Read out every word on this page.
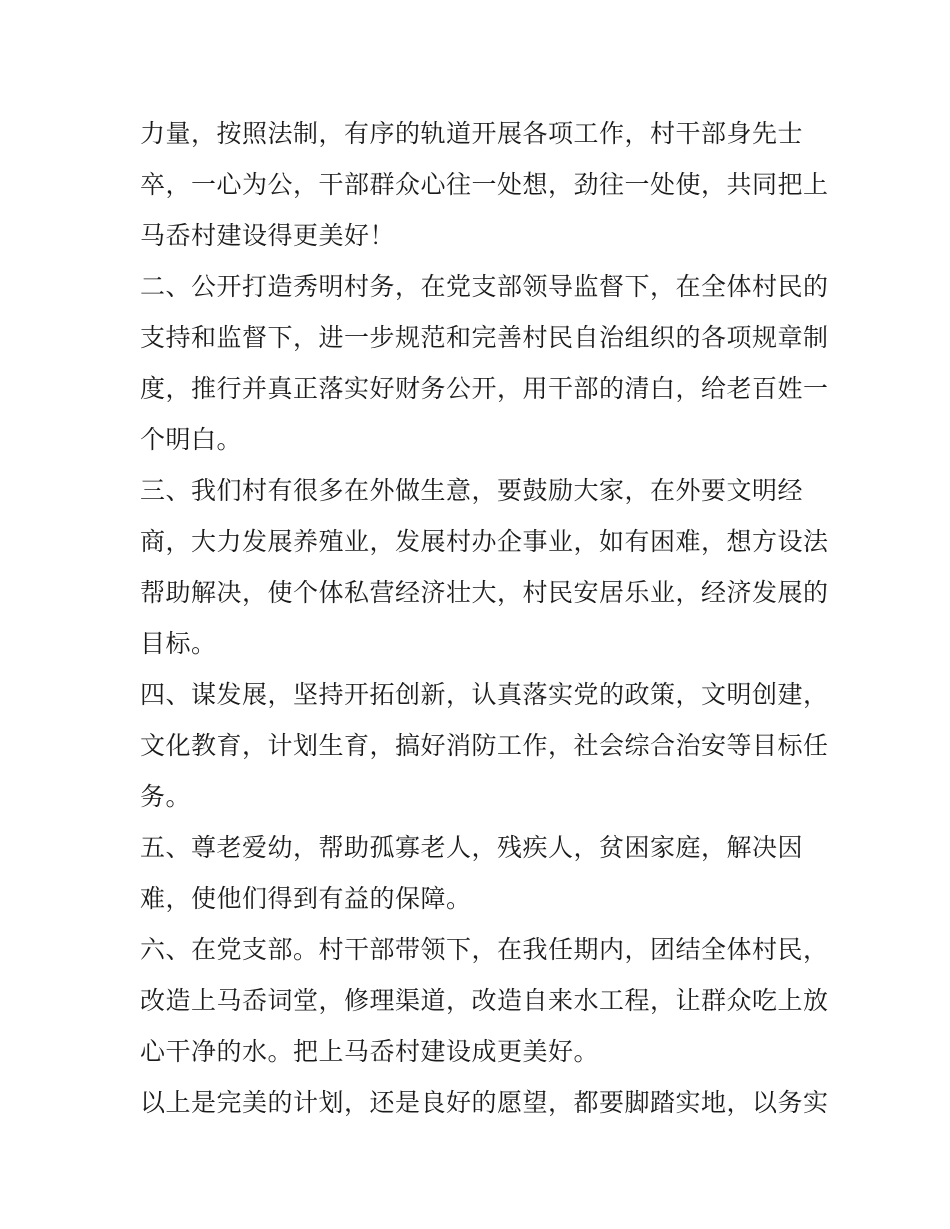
力量，按照法制，有序的轨道开展各项工作，村干部身先士
卒，一心为公，干部群众心往一处想，劲往一处使，共同把上
马岙村建设得更美好！
二、公开打造秀明村务，在党支部领导监督下，在全体村民的
支持和监督下，进一步规范和完善村民自治组织的各项规章制
度，推行并真正落实好财务公开，用干部的清白，给老百姓一
个明白。
三、我们村有很多在外做生意，要鼓励大家，在外要文明经
商，大力发展养殖业，发展村办企事业，如有困难，想方设法
帮助解决，使个体私营经济壮大，村民安居乐业，经济发展的
目标。
四、谋发展，坚持开拓创新，认真落实党的政策，文明创建，
文化教育，计划生育，搞好消防工作，社会综合治安等目标任
务。
五、尊老爱幼，帮助孤寡老人，残疾人，贫困家庭，解决因
难，使他们得到有益的保障。
六、在党支部。村干部带领下，在我任期内，团结全体村民，
改造上马岙词堂，修理渠道，改造自来水工程，让群众吃上放
心干净的水。把上马岙村建设成更美好。
以上是完美的计划，还是良好的愿望，都要脚踏实地，以务实
